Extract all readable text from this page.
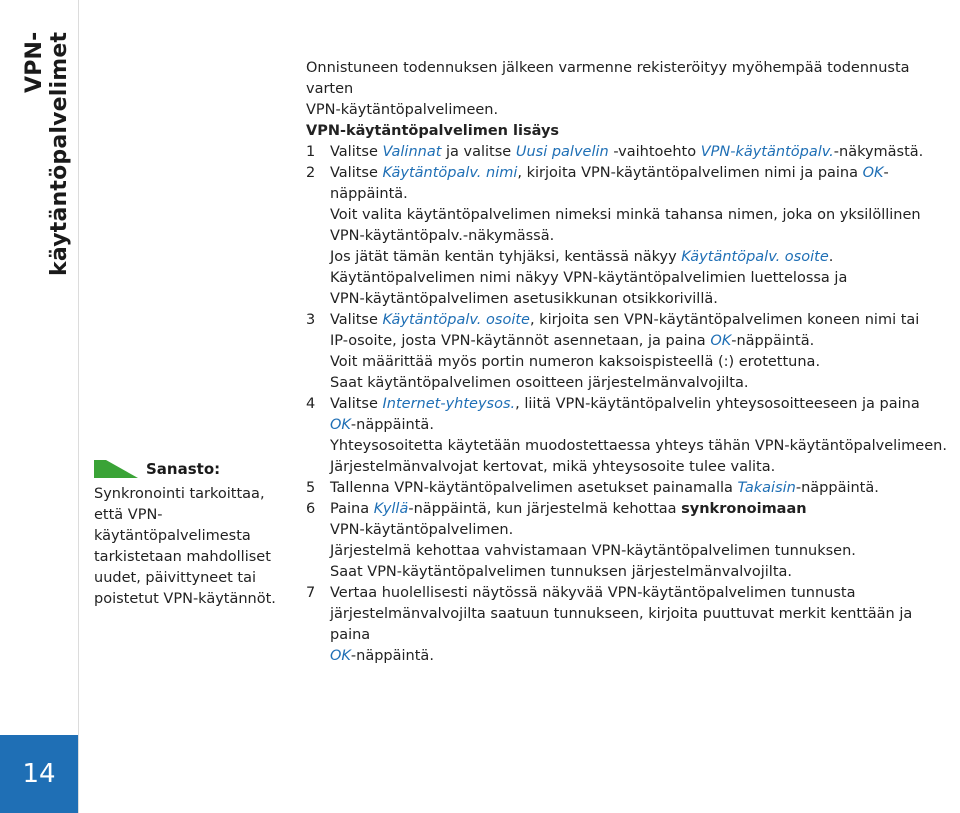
VPN-käytäntöpalvelimet
14
Sanasto:
Synkronointi tarkoittaa, että VPN-käytäntöpalvelimesta tarkistetaan mahdolliset uudet, päivittyneet tai poistetut VPN-käytännöt.

Onnistuneen todennuksen jälkeen varmenne rekisteröityy myöhempää todennusta varten

VPN-käytäntöpalvelimeen.

VPN-käytäntöpalvelimen lisäys

1 Valitse Valinnat ja valitse Uusi palvelin -vaihtoehto VPN-käytäntöpalv.-näkymästä.

2 Valitse Käytäntöpalv. nimi, kirjoita VPN-käytäntöpalvelimen nimi ja paina OK-näppäintä.

Voit valita käytäntöpalvelimen nimeksi minkä tahansa nimen, joka on yksilöllinen

VPN-käytäntöpalv.-näkymässä.

Jos jätät tämän kentän tyhjäksi, kentässä näkyy Käytäntöpalv. osoite.

Käytäntöpalvelimen nimi näkyy VPN-käytäntöpalvelimien luettelossa ja

VPN-käytäntöpalvelimen asetusikkunan otsikkorivillä.

3 Valitse Käytäntöpalv. osoite, kirjoita sen VPN-käytäntöpalvelimen koneen nimi tai

IP-osoite, josta VPN-käytännöt asennetaan, ja paina OK-näppäintä.

Voit määrittää myös portin numeron kaksoispisteellä (:) erotettuna.

Saat käytäntöpalvelimen osoitteen järjestelmänvalvojilta.

4 Valitse Internet-yhteysos., liitä VPN-käytäntöpalvelin yhteysosoitteeseen ja paina

OK-näppäintä.

Yhteysosoitetta käytetään muodostettaessa yhteys tähän VPN-käytäntöpalvelimeen.

Järjestelmänvalvojat kertovat, mikä yhteysosoite tulee valita.

5 Tallenna VPN-käytäntöpalvelimen asetukset painamalla Takaisin-näppäintä.

6 Paina Kyllä-näppäintä, kun järjestelmä kehottaa synkronoimaan

VPN-käytäntöpalvelimen.

Järjestelmä kehottaa vahvistamaan VPN-käytäntöpalvelimen tunnuksen.

Saat VPN-käytäntöpalvelimen tunnuksen järjestelmänvalvojilta.

7 Vertaa huolellisesti näytössä näkyvää VPN-käytäntöpalvelimen tunnusta

järjestelmänvalvojilta saatuun tunnukseen, kirjoita puuttuvat merkit kenttään ja paina

OK-näppäintä.
